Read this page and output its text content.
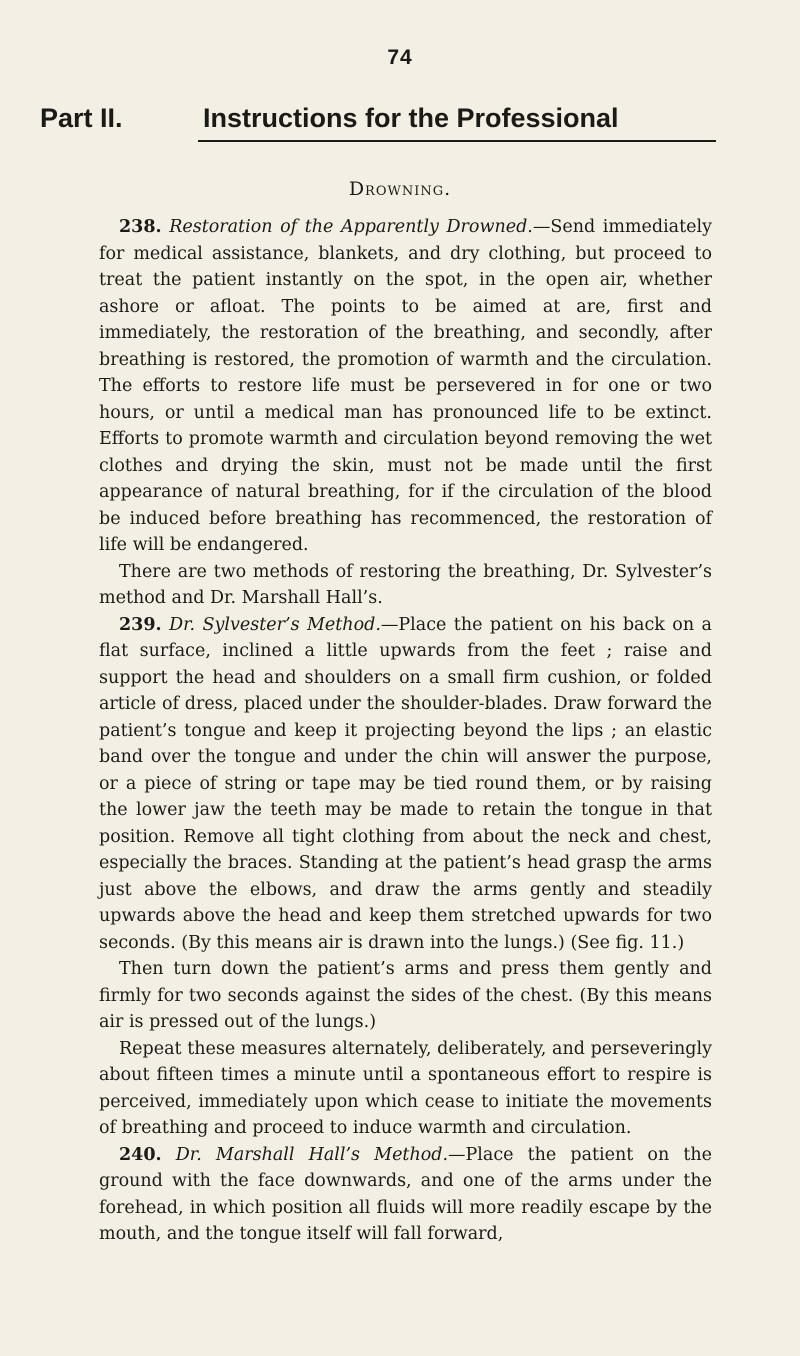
74
Part II.	Instructions for the Professional
Drowning.

238. Restoration of the Apparently Drowned.—Send immediately for medical assistance, blankets, and dry clothing, but proceed to treat the patient instantly on the spot, in the open air, whether ashore or afloat. The points to be aimed at are, first and immediately, the restoration of the breathing, and secondly, after breathing is restored, the promotion of warmth and the circulation. The efforts to restore life must be persevered in for one or two hours, or until a medical man has pronounced life to be extinct. Efforts to promote warmth and circulation beyond removing the wet clothes and drying the skin, must not be made until the first appearance of natural breathing, for if the circulation of the blood be induced before breathing has recommenced, the restoration of life will be endangered.

There are two methods of restoring the breathing, Dr. Sylvester’s method and Dr. Marshall Hall’s.

239. Dr. Sylvester’s Method.—Place the patient on his back on a flat surface, inclined a little upwards from the feet ; raise and support the head and shoulders on a small firm cushion, or folded article of dress, placed under the shoulder-blades. Draw forward the patient’s tongue and keep it projecting beyond the lips ; an elastic band over the tongue and under the chin will answer the purpose, or a piece of string or tape may be tied round them, or by raising the lower jaw the teeth may be made to retain the tongue in that position. Remove all tight clothing from about the neck and chest, especially the braces. Standing at the patient’s head grasp the arms just above the elbows, and draw the arms gently and steadily upwards above the head and keep them stretched upwards for two seconds. (By this means air is drawn into the lungs.) (See fig. 11.)

Then turn down the patient’s arms and press them gently and firmly for two seconds against the sides of the chest. (By this means air is pressed out of the lungs.)

Repeat these measures alternately, deliberately, and perseveringly about fifteen times a minute until a spontaneous effort to respire is perceived, immediately upon which cease to initiate the movements of breathing and proceed to induce warmth and circulation.

240. Dr. Marshall Hall’s Method.—Place the patient on the ground with the face downwards, and one of the arms under the forehead, in which position all fluids will more readily escape by the mouth, and the tongue itself will fall forward,
